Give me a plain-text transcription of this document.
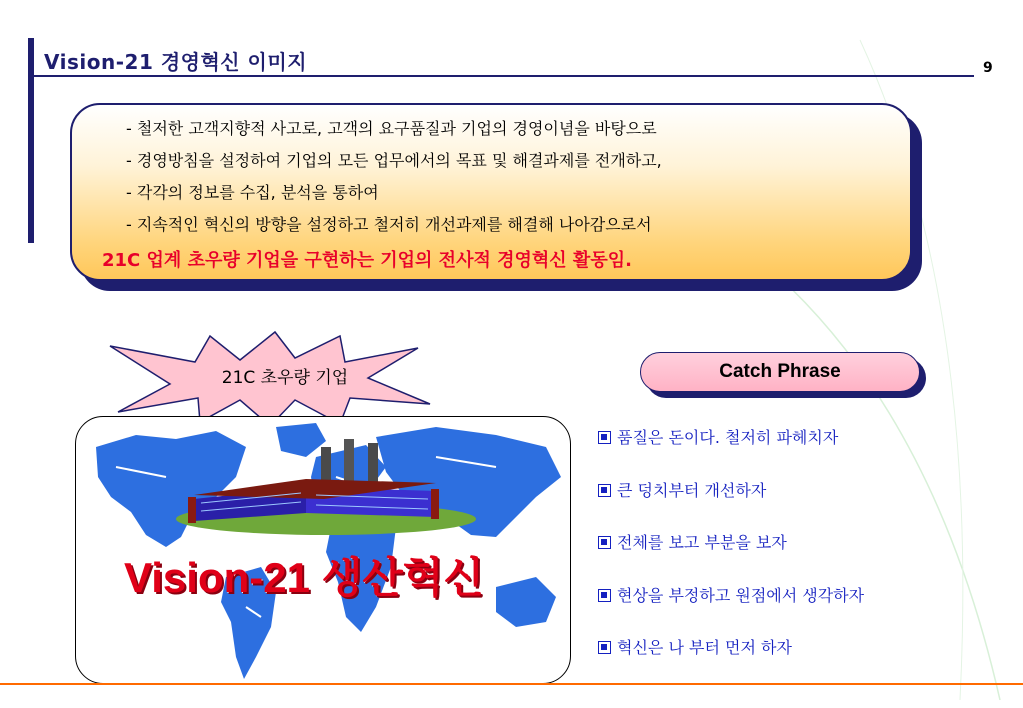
Vision-21 경영혁신 이미지	9
- 철저한 고객지향적 사고로, 고객의 요구품질과 기업의 경영이념을 바탕으로
- 경영방침을 설정하여 기업의 모든 업무에서의 목표 및 해결과제를 전개하고,
- 각각의 정보를 수집, 분석을 통하여
- 지속적인 혁신의 방향을 설정하고 철저히 개선과제를 해결해 나아감으로서
21C 업계 초우량 기업을 구현하는 기업의 전사적 경영혁신 활동임.
21C 초우량 기업	Catch Phrase
Vision-21 생산혁신
품질은 돈이다. 철저히 파헤치자
큰 덩치부터 개선하자
전체를 보고 부분을 보자
현상을 부정하고 원점에서 생각하자
혁신은 나 부터 먼저 하자
